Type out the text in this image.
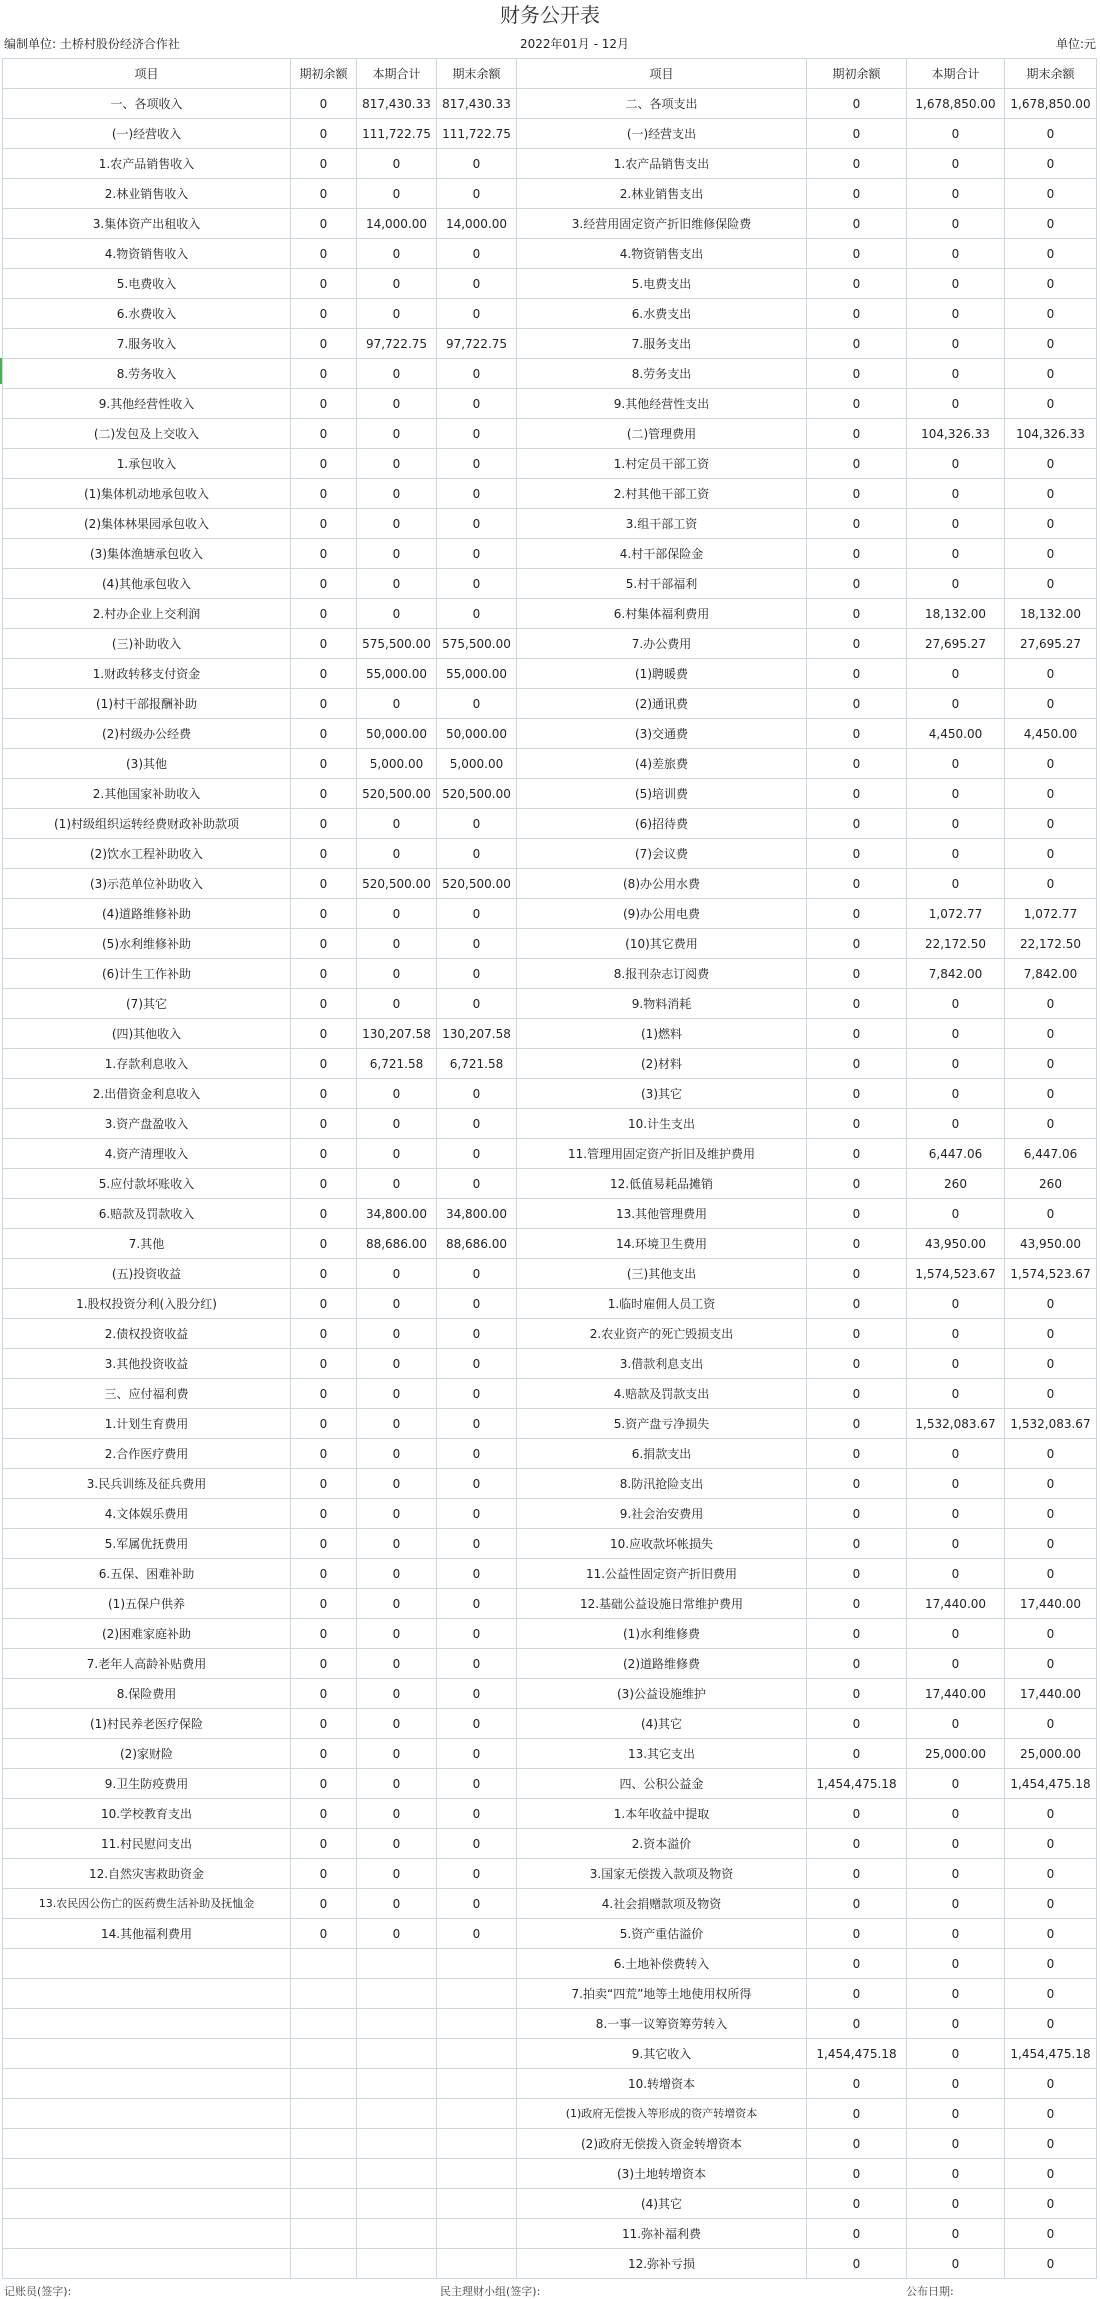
财务公开表
编制单位: 土桥村股份经济合作社	2022年01月 - 12月	单位:元
项目	期初余额	本期合计	期末余额	项目	期初余额	本期合计	期末余额
一、各项收入	0	817,430.33	817,430.33	二、各项支出	0	1,678,850.00	1,678,850.00
(一)经营收入	0	111,722.75	111,722.75	(一)经营支出	0	0	0
1.农产品销售收入	0	0	0	1.农产品销售支出	0	0	0
2.林业销售收入	0	0	0	2.林业销售支出	0	0	0
3.集体资产出租收入	0	14,000.00	14,000.00	3.经营用固定资产折旧维修保险费	0	0	0
4.物资销售收入	0	0	0	4.物资销售支出	0	0	0
5.电费收入	0	0	0	5.电费支出	0	0	0
6.水费收入	0	0	0	6.水费支出	0	0	0
7.服务收入	0	97,722.75	97,722.75	7.服务支出	0	0	0
8.劳务收入	0	0	0	8.劳务支出	0	0	0
9.其他经营性收入	0	0	0	9.其他经营性支出	0	0	0
(二)发包及上交收入	0	0	0	(二)管理费用	0	104,326.33	104,326.33
1.承包收入	0	0	0	1.村定员干部工资	0	0	0
(1)集体机动地承包收入	0	0	0	2.村其他干部工资	0	0	0
(2)集体林果园承包收入	0	0	0	3.组干部工资	0	0	0
(3)集体渔塘承包收入	0	0	0	4.村干部保险金	0	0	0
(4)其他承包收入	0	0	0	5.村干部福利	0	0	0
2.村办企业上交利润	0	0	0	6.村集体福利费用	0	18,132.00	18,132.00
(三)补助收入	0	575,500.00	575,500.00	7.办公费用	0	27,695.27	27,695.27
1.财政转移支付资金	0	55,000.00	55,000.00	(1)聘暖费	0	0	0
(1)村干部报酬补助	0	0	0	(2)通讯费	0	0	0
(2)村级办公经费	0	50,000.00	50,000.00	(3)交通费	0	4,450.00	4,450.00
(3)其他	0	5,000.00	5,000.00	(4)差旅费	0	0	0
2.其他国家补助收入	0	520,500.00	520,500.00	(5)培训费	0	0	0
(1)村级组织运转经费财政补助款项	0	0	0	(6)招待费	0	0	0
(2)饮水工程补助收入	0	0	0	(7)会议费	0	0	0
(3)示范单位补助收入	0	520,500.00	520,500.00	(8)办公用水费	0	0	0
(4)道路维修补助	0	0	0	(9)办公用电费	0	1,072.77	1,072.77
(5)水利维修补助	0	0	0	(10)其它费用	0	22,172.50	22,172.50
(6)计生工作补助	0	0	0	8.报刊杂志订阅费	0	7,842.00	7,842.00
(7)其它	0	0	0	9.物料消耗	0	0	0
(四)其他收入	0	130,207.58	130,207.58	(1)燃料	0	0	0
1.存款利息收入	0	6,721.58	6,721.58	(2)材料	0	0	0
2.出借资金利息收入	0	0	0	(3)其它	0	0	0
3.资产盘盈收入	0	0	0	10.计生支出	0	0	0
4.资产清理收入	0	0	0	11.管理用固定资产折旧及维护费用	0	6,447.06	6,447.06
5.应付款坏账收入	0	0	0	12.低值易耗品摊销	0	260	260
6.赔款及罚款收入	0	34,800.00	34,800.00	13.其他管理费用	0	0	0
7.其他	0	88,686.00	88,686.00	14.环境卫生费用	0	43,950.00	43,950.00
(五)投资收益	0	0	0	(三)其他支出	0	1,574,523.67	1,574,523.67
1.股权投资分利(入股分红)	0	0	0	1.临时雇佣人员工资	0	0	0
2.债权投资收益	0	0	0	2.农业资产的死亡毁损支出	0	0	0
3.其他投资收益	0	0	0	3.借款利息支出	0	0	0
三、应付福利费	0	0	0	4.赔款及罚款支出	0	0	0
1.计划生育费用	0	0	0	5.资产盘亏净损失	0	1,532,083.67	1,532,083.67
2.合作医疗费用	0	0	0	6.捐款支出	0	0	0
3.民兵训练及征兵费用	0	0	0	8.防汛抢险支出	0	0	0
4.文体娱乐费用	0	0	0	9.社会治安费用	0	0	0
5.军属优抚费用	0	0	0	10.应收款坏帐损失	0	0	0
6.五保、困难补助	0	0	0	11.公益性固定资产折旧费用	0	0	0
(1)五保户供养	0	0	0	12.基础公益设施日常维护费用	0	17,440.00	17,440.00
(2)困难家庭补助	0	0	0	(1)水利维修费	0	0	0
7.老年人高龄补贴费用	0	0	0	(2)道路维修费	0	0	0
8.保险费用	0	0	0	(3)公益设施维护	0	17,440.00	17,440.00
(1)村民养老医疗保险	0	0	0	(4)其它	0	0	0
(2)家财险	0	0	0	13.其它支出	0	25,000.00	25,000.00
9.卫生防疫费用	0	0	0	四、公积公益金	1,454,475.18	0	1,454,475.18
10.学校教育支出	0	0	0	1.本年收益中提取	0	0	0
11.村民慰问支出	0	0	0	2.资本溢价	0	0	0
12.自然灾害救助资金	0	0	0	3.国家无偿拨入款项及物资	0	0	0
13.农民因公伤亡的医药费生活补助及抚恤金	0	0	0	4.社会捐赠款项及物资	0	0	0
14.其他福利费用	0	0	0	5.资产重估溢价	0	0	0
				6.土地补偿费转入	0	0	0
				7.拍卖“四荒”地等土地使用权所得	0	0	0
				8.一事一议筹资筹劳转入	0	0	0
				9.其它收入	1,454,475.18	0	1,454,475.18
				10.转增资本	0	0	0
				(1)政府无偿拨入等形成的资产转增资本	0	0	0
				(2)政府无偿拨入资金转增资本	0	0	0
				(3)土地转增资本	0	0	0
				(4)其它	0	0	0
				11.弥补福利费	0	0	0
				12.弥补亏损	0	0	0
记账员(签字):	民主理财小组(签字):	公布日期:
